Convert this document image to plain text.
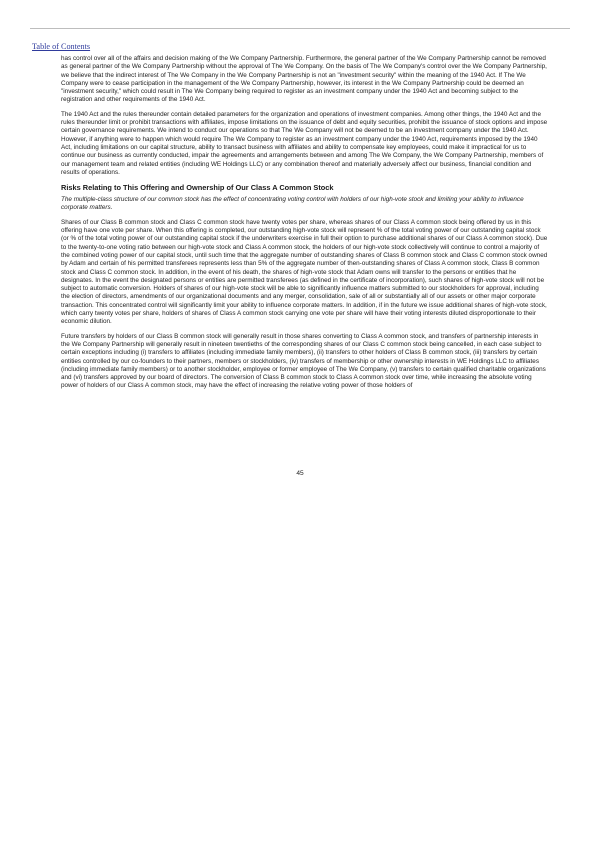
Table of Contents

has control over all of the affairs and decision making of the We Company Partnership. Furthermore, the general partner of the We Company Partnership cannot be removed as general partner of the We Company Partnership without the approval of The We Company. On the basis of The We Company's control over the We Company Partnership, we believe that the indirect interest of The We Company in the We Company Partnership is not an "investment security" within the meaning of the 1940 Act. If The We Company were to cease participation in the management of the We Company Partnership, however, its interest in the We Company Partnership could be deemed an "investment security," which could result in The We Company being required to register as an investment company under the 1940 Act and becoming subject to the registration and other requirements of the 1940 Act.

The 1940 Act and the rules thereunder contain detailed parameters for the organization and operations of investment companies. Among other things, the 1940 Act and the rules thereunder limit or prohibit transactions with affiliates, impose limitations on the issuance of debt and equity securities, prohibit the issuance of stock options and impose certain governance requirements. We intend to conduct our operations so that The We Company will not be deemed to be an investment company under the 1940 Act. However, if anything were to happen which would require The We Company to register as an investment company under the 1940 Act, requirements imposed by the 1940 Act, including limitations on our capital structure, ability to transact business with affiliates and ability to compensate key employees, could make it impractical for us to continue our business as currently conducted, impair the agreements and arrangements between and among The We Company, the We Company Partnership, members of our management team and related entities (including WE Holdings LLC) or any combination thereof and materially adversely affect our business, financial condition and results of operations.

Risks Relating to This Offering and Ownership of Our Class A Common Stock

The multiple-class structure of our common stock has the effect of concentrating voting control with holders of our high-vote stock and limiting your ability to influence corporate matters.

Shares of our Class B common stock and Class C common stock have twenty votes per share, whereas shares of our Class A common stock being offered by us in this offering have one vote per share. When this offering is completed, our outstanding high-vote stock will represent % of the total voting power of our outstanding capital stock (or % of the total voting power of our outstanding capital stock if the underwriters exercise in full their option to purchase additional shares of our Class A common stock). Due to the twenty-to-one voting ratio between our high-vote stock and Class A common stock, the holders of our high-vote stock collectively will continue to control a majority of the combined voting power of our capital stock, until such time that the aggregate number of outstanding shares of Class B common stock and Class C common stock owned by Adam and certain of his permitted transferees represents less than 5% of the aggregate number of then-outstanding shares of Class A common stock, Class B common stock and Class C common stock. In addition, in the event of his death, the shares of high-vote stock that Adam owns will transfer to the persons or entities that he designates. In the event the designated persons or entities are permitted transferees (as defined in the certificate of incorporation), such shares of high-vote stock will not be subject to automatic conversion. Holders of shares of our high-vote stock will be able to significantly influence matters submitted to our stockholders for approval, including the election of directors, amendments of our organizational documents and any merger, consolidation, sale of all or substantially all of our assets or other major corporate transaction. This concentrated control will significantly limit your ability to influence corporate matters. In addition, if in the future we issue additional shares of high-vote stock, which carry twenty votes per share, holders of shares of Class A common stock carrying one vote per share will have their voting interests diluted disproportionate to their economic dilution.

Future transfers by holders of our Class B common stock will generally result in those shares converting to Class A common stock, and transfers of partnership interests in the We Company Partnership will generally result in nineteen twentieths of the corresponding shares of our Class C common stock being cancelled, in each case subject to certain exceptions including (i) transfers to affiliates (including immediate family members), (ii) transfers to other holders of Class B common stock, (iii) transfers by certain entities controlled by our co-founders to their partners, members or stockholders, (iv) transfers of membership or other ownership interests in WE Holdings LLC to affiliates (including immediate family members) or to another stockholder, employee or former employee of The We Company, (v) transfers to certain qualified charitable organizations and (vi) transfers approved by our board of directors. The conversion of Class B common stock to Class A common stock over time, while increasing the absolute voting power of holders of our Class A common stock, may have the effect of increasing the relative voting power of those holders of

45
